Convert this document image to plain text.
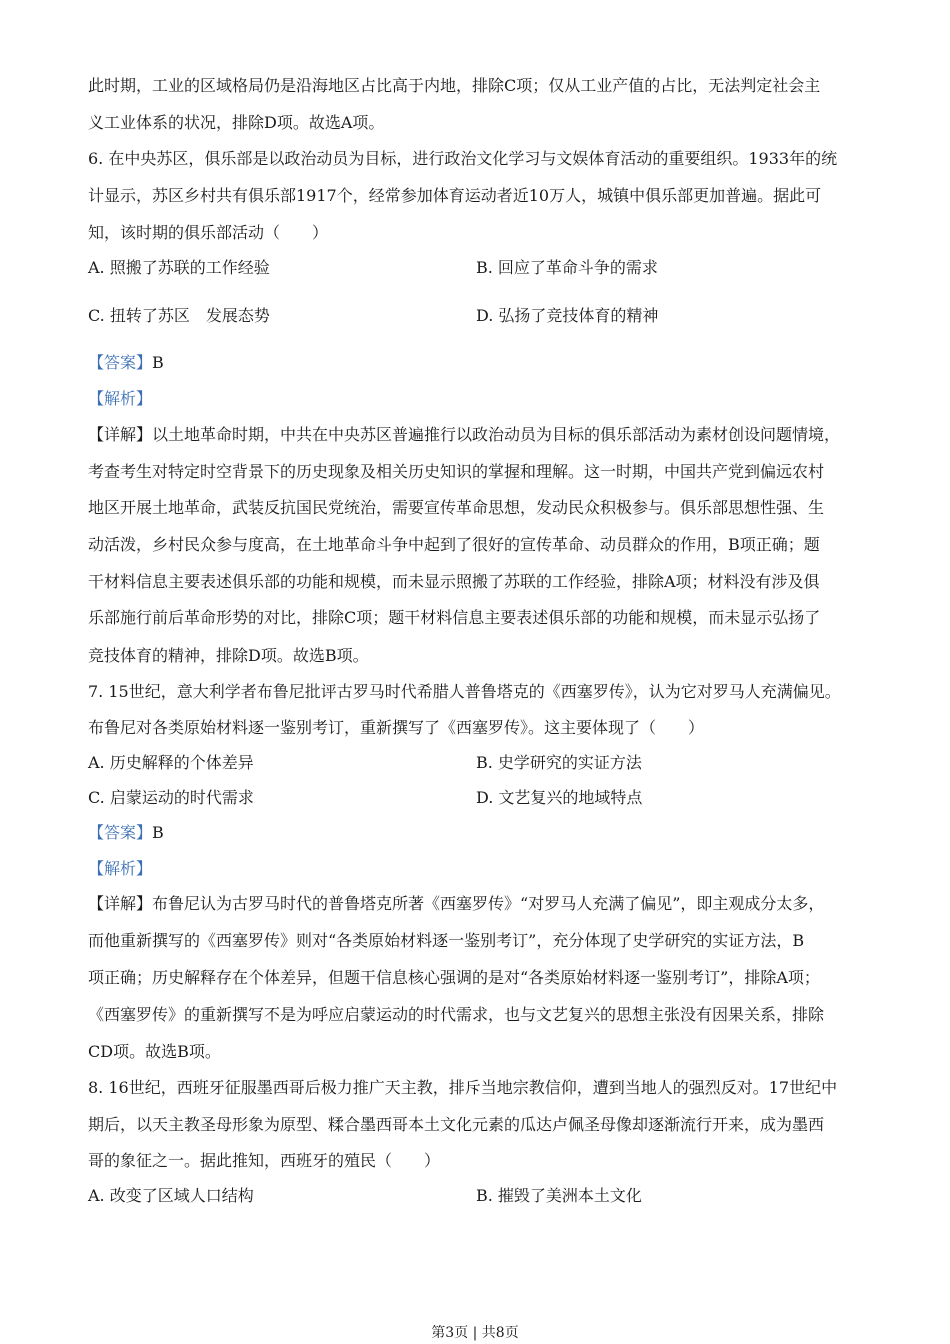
此时期，工业的区域格局仍是沿海地区占比高于内地，排除C项；仅从工业产值的占比，无法判定社会主
义工业体系的状况，排除D项。故选A项。
6. 在中央苏区，俱乐部是以政治动员为目标，进行政治文化学习与文娱体育活动的重要组织。1933年的统
计显示，苏区乡村共有俱乐部1917个，经常参加体育运动者近10万人，城镇中俱乐部更加普遍。据此可
知，该时期的俱乐部活动（　　）
A. 照搬了苏联的工作经验	B. 回应了革命斗争的需求
C. 扭转了苏区　发展态势	D. 弘扬了竞技体育的精神
【答案】B
【解析】
【详解】以土地革命时期，中共在中央苏区普遍推行以政治动员为目标的俱乐部活动为素材创设问题情境，
考查考生对特定时空背景下的历史现象及相关历史知识的掌握和理解。这一时期，中国共产党到偏远农村
地区开展土地革命，武装反抗国民党统治，需要宣传革命思想，发动民众积极参与。俱乐部思想性强、生
动活泼，乡村民众参与度高，在土地革命斗争中起到了很好的宣传革命、动员群众的作用，B项正确；题
干材料信息主要表述俱乐部的功能和规模，而未显示照搬了苏联的工作经验，排除A项；材料没有涉及俱
乐部施行前后革命形势的对比，排除C项；题干材料信息主要表述俱乐部的功能和规模，而未显示弘扬了
竞技体育的精神，排除D项。故选B项。
7. 15世纪，意大利学者布鲁尼批评古罗马时代希腊人普鲁塔克的《西塞罗传》，认为它对罗马人充满偏见。
布鲁尼对各类原始材料逐一鉴别考订，重新撰写了《西塞罗传》。这主要体现了（　　）
A. 历史解释的个体差异	B. 史学研究的实证方法
C. 启蒙运动的时代需求	D. 文艺复兴的地域特点
【答案】B
【解析】
【详解】布鲁尼认为古罗马时代的普鲁塔克所著《西塞罗传》“对罗马人充满了偏见”，即主观成分太多，
而他重新撰写的《西塞罗传》则对“各类原始材料逐一鉴别考订”，充分体现了史学研究的实证方法，B
项正确；历史解释存在个体差异，但题干信息核心强调的是对“各类原始材料逐一鉴别考订”，排除A项；
《西塞罗传》的重新撰写不是为呼应启蒙运动的时代需求，也与文艺复兴的思想主张没有因果关系，排除
CD项。故选B项。
8. 16世纪，西班牙征服墨西哥后极力推广天主教，排斥当地宗教信仰，遭到当地人的强烈反对。17世纪中
期后，以天主教圣母形象为原型、糅合墨西哥本土文化元素的瓜达卢佩圣母像却逐渐流行开来，成为墨西
哥的象征之一。据此推知，西班牙的殖民（　　）
A. 改变了区域人口结构	B. 摧毁了美洲本土文化
第3页 | 共8页
